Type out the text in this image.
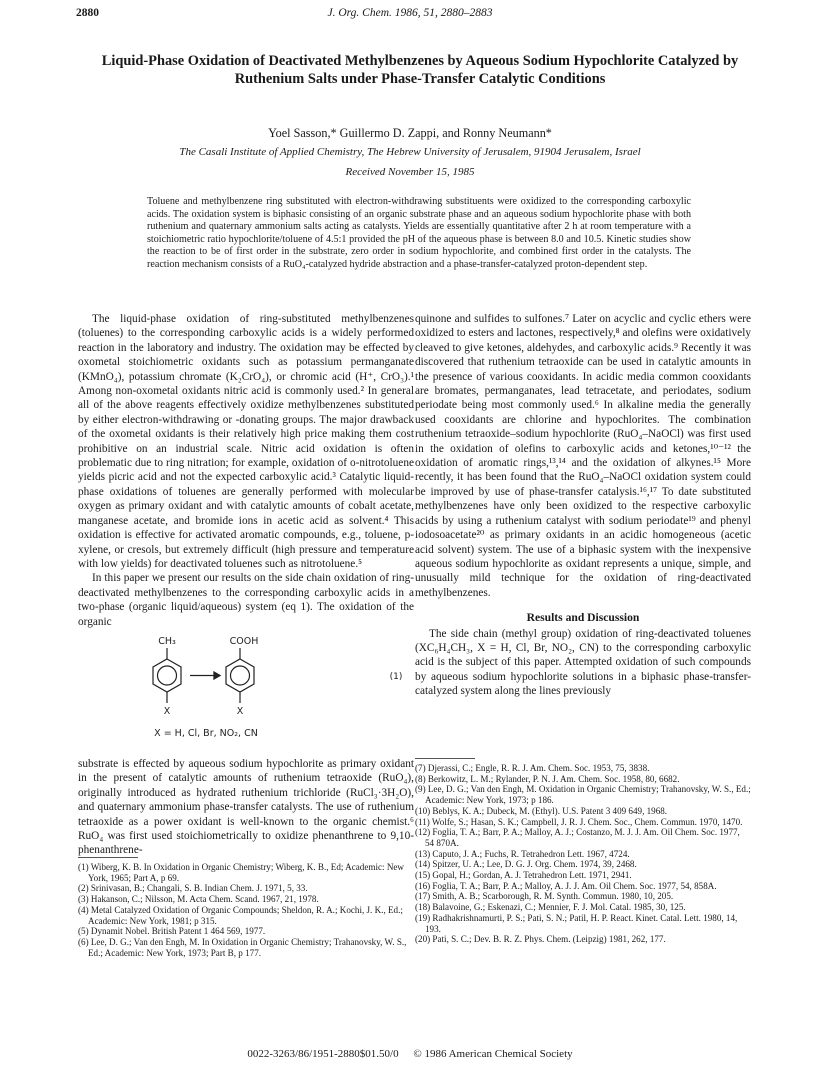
2880	J. Org. Chem. 1986, 51, 2880–2883
Liquid-Phase Oxidation of Deactivated Methylbenzenes by Aqueous Sodium Hypochlorite Catalyzed by Ruthenium Salts under Phase-Transfer Catalytic Conditions
Yoel Sasson,* Guillermo D. Zappi, and Ronny Neumann*
The Casali Institute of Applied Chemistry, The Hebrew University of Jerusalem, 91904 Jerusalem, Israel
Received November 15, 1985

Toluene and methylbenzene ring substituted with electron-withdrawing substituents were oxidized to the corresponding carboxylic acids. The oxidation system is biphasic consisting of an organic substrate phase and an aqueous sodium hypochlorite phase with both ruthenium and quaternary ammonium salts acting as catalysts. Yields are essentially quantitative after 2 h at room temperature with a stoichiometric ratio hypochlorite/toluene of 4.5:1 provided the pH of the aqueous phase is between 8.0 and 10.5. Kinetic studies show the reaction to be of first order in the substrate, zero order in sodium hypochlorite, and combined first order in the catalysts. The reaction mechanism consists of a RuO₄-catalyzed hydride abstraction and a phase-transfer-catalyzed proton-dependent step.

The liquid-phase oxidation of ring-substituted methylbenzenes (toluenes) to the corresponding carboxylic acids is a widely performed reaction in the laboratory and industry. The oxidation may be effected by oxometal stoichiometric oxidants such as potassium permanganate (KMnO₄), potassium chromate (K₂CrO₄), or chromic acid (H⁺, CrO₃).¹ Among non-oxometal oxidants nitric acid is commonly used.² In general all of the above reagents effectively oxidize methylbenzenes substituted by either electron-withdrawing or -donating groups. The major drawback of the oxometal oxidants is their relatively high price making them cost prohibitive on an industrial scale. Nitric acid oxidation is often problematic due to ring nitration; for example, oxidation of o-nitrotoluene yields picric acid and not the expected carboxylic acid.³ Catalytic liquid-phase oxidations of toluenes are generally performed with molecular oxygen as primary oxidant and with catalytic amounts of cobalt acetate, manganese acetate, and bromide ions in acetic acid as solvent.⁴ This oxidation is effective for activated aromatic compounds, e.g., toluene, p-xylene, or cresols, but extremely difficult (high pressure and temperature with low yields) for deactivated toluenes such as nitrotoluene.⁵

In this paper we present our results on the side chain oxidation of ring-deactivated methylbenzenes to the corresponding carboxylic acids in a two-phase (organic liquid/aqueous) system (eq 1). The oxidation of the organic

CH₃
X
COOH
X
(1)
X = H, Cl, Br, NO₂, CN

substrate is effected by aqueous sodium hypochlorite as primary oxidant in the present of catalytic amounts of ruthenium tetraoxide (RuO₄), originally introduced as hydrated ruthenium trichloride (RuCl₃·3H₂O), and quaternary ammonium phase-transfer catalysts. The use of ruthenium tetraoxide as a power oxidant is well-known to the organic chemist.⁶ RuO₄ was first used stoichiometrically to oxidize phenanthrene to 9,10-phenanthrene-

quinone and sulfides to sulfones.⁷ Later on acyclic and cyclic ethers were oxidized to esters and lactones, respectively,⁸ and olefins were oxidatively cleaved to give ketones, aldehydes, and carboxylic acids.⁹ Recently it was discovered that ruthenium tetraoxide can be used in catalytic amounts in the presence of various cooxidants. In acidic media common cooxidants are bromates, permanganates, lead tetracetate, and periodates, sodium periodate being most commonly used.⁶ In alkaline media the generally used cooxidants are chlorine and hypochlorites. The combination ruthenium tetraoxide–sodium hypochlorite (RuO₄–NaOCl) was first used in the oxidation of olefins to carboxylic acids and ketones,¹⁰⁻¹² the oxidation of aromatic rings,¹³,¹⁴ and the oxidation of alkynes.¹⁵ More recently, it has been found that the RuO₄–NaOCl oxidation system could be improved by use of phase-transfer catalysis.¹⁶,¹⁷ To date substituted methylbenzenes have only been oxidized to the respective carboxylic acids by using a ruthenium catalyst with sodium periodate¹⁹ and phenyl iodosoacetate²⁰ as primary oxidants in an acidic homogeneous (acetic acid solvent) system. The use of a biphasic system with the inexpensive aqueous sodium hypochlorite as oxidant represents a unique, simple, and unusually mild technique for the oxidation of ring-deactivated methylbenzenes.

Results and Discussion

The side chain (methyl group) oxidation of ring-deactivated toluenes (XC₆H₄CH₃, X = H, Cl, Br, NO₂, CN) to the corresponding carboxylic acid is the subject of this paper. Attempted oxidation of such compounds by aqueous sodium hypochlorite solutions in a biphasic phase-transfer-catalyzed system along the lines previously

(1) Wiberg, K. B. In Oxidation in Organic Chemistry; Wiberg, K. B., Ed; Academic: New York, 1965; Part A, p 69.
(2) Srinivasan, B.; Changali, S. B. Indian Chem. J. 1971, 5, 33.
(3) Hakanson, C.; Nilsson, M. Acta Chem. Scand. 1967, 21, 1978.
(4) Metal Catalyzed Oxidation of Organic Compounds; Sheldon, R. A.; Kochi, J. K., Ed.; Academic: New York, 1981; p 315.
(5) Dynamit Nobel. British Patent 1 464 569, 1977.
(6) Lee, D. G.; Van den Engh, M. In Oxidation in Organic Chemistry; Trahanovsky, W. S., Ed.; Academic: New York, 1973; Part B, p 177.
(7) Djerassi, C.; Engle, R. R. J. Am. Chem. Soc. 1953, 75, 3838.
(8) Berkowitz, L. M.; Rylander, P. N. J. Am. Chem. Soc. 1958, 80, 6682.
(9) Lee, D. G.; Van den Engh, M. Oxidation in Organic Chemistry; Trahanovsky, W. S., Ed.; Academic: New York, 1973; p 186.
(10) Beblys, K. A.; Dubeck, M. (Ethyl). U.S. Patent 3 409 649, 1968.
(11) Wolfe, S.; Hasan, S. K.; Campbell, J. R. J. Chem. Soc., Chem. Commun. 1970, 1470.
(12) Foglia, T. A.; Barr, P. A.; Malloy, A. J.; Costanzo, M. J. J. Am. Oil Chem. Soc. 1977, 54 870A.
(13) Caputo, J. A.; Fuchs, R. Tetrahedron Lett. 1967, 4724.
(14) Spitzer, U. A.; Lee, D. G. J. Org. Chem. 1974, 39, 2468.
(15) Gopal, H.; Gordan, A. J. Tetrahedron Lett. 1971, 2941.
(16) Foglia, T. A.; Barr, P. A.; Malloy, A. J. J. Am. Oil Chem. Soc. 1977, 54, 858A.
(17) Smith, A. B.; Scarborough, R. M. Synth. Commun. 1980, 10, 205.
(18) Balavoine, G.; Eskenazi, C.; Mennier, F. J. Mol. Catal. 1985, 30, 125.
(19) Radhakrishnamurti, P. S.; Pati, S. N.; Patil, H. P. React. Kinet. Catal. Lett. 1980, 14, 193.
(20) Pati, S. C.; Dev. B. R. Z. Phys. Chem. (Leipzig) 1981, 262, 177.
0022-3263/86/1951-2880$01.50/0 © 1986 American Chemical Society
